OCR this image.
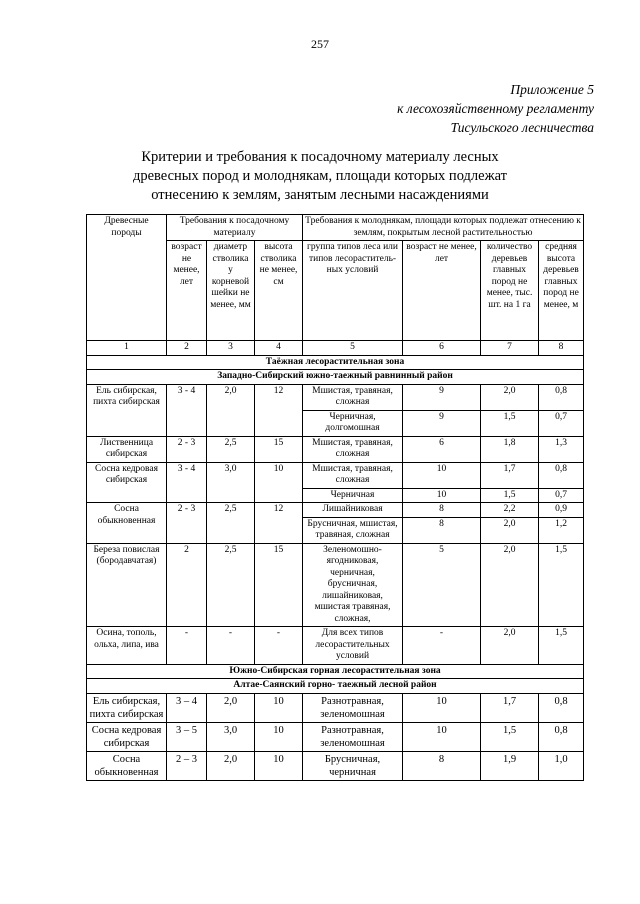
257
Приложение 5
к лесохозяйственному регламенту
Тисульского лесничества
Критерии и требования к посадочному материалу лесных
древесных пород и молоднякам, площади которых подлежат
отнесению к землям, занятым лесными насаждениями
Древесные породы	Требования к посадочному материалу			Требования к молоднякам, площади которых подлежат отнесению к землям, покрытым лесной растительностью			
	возраст не менее, лет	диаметр стволика у корневой шейки не менее, мм	высота стволика не менее, см	группа типов леса или типов лесораститель-ных условий	возраст не менее, лет	количество деревьев главных пород не менее, тыс. шт. на 1 га	средняя высота деревьев главных пород не менее, м
1	2	3	4	5	6	7	8
Таёжная лесорастительная зона							
Западно-Сибирский южно-таежный равнинный район							
Ель сибирская, пихта сибирская	3 - 4	2,0	12	Мшистая, травяная, сложная	9	2,0	0,8
				Черничная, долгомошная	9	1,5	0,7
Лиственница сибирская	2 - 3	2,5	15	Мшистая, травяная, сложная	6	1,8	1,3
Сосна кедровая сибирская	3 - 4	3,0	10	Мшистая, травяная, сложная	10	1,7	0,8
				Черничная	10	1,5	0,7
Сосна обыкновенная	2 - 3	2,5	12	Лишайниковая	8	2,2	0,9
				Брусничная, мшистая, травяная, сложная	8	2,0	1,2
Береза повислая (бородавчатая)	2	2,5	15	Зеленомошно-ягодниковая, черничная, брусничная, лишайниковая, мшистая травяная, сложная,	5	2,0	1,5
Осина, тополь, ольха, липа, ива	-	-	-	Для всех типов лесорастительных условий	-	2,0	1,5
Южно-Сибирская горная лесорастительная зона							
Алтае-Саянский горно- таежный лесной район							
Ель сибирская, пихта сибирская	3 – 4	2,0	10	Разнотравная, зеленомошная	10	1,7	0,8
Сосна кедровая сибирская	3 – 5	3,0	10	Разнотравная, зеленомошная	10	1,5	0,8
Сосна обыкновенная	2 – 3	2,0	10	Брусничная, черничная	8	1,9	1,0
